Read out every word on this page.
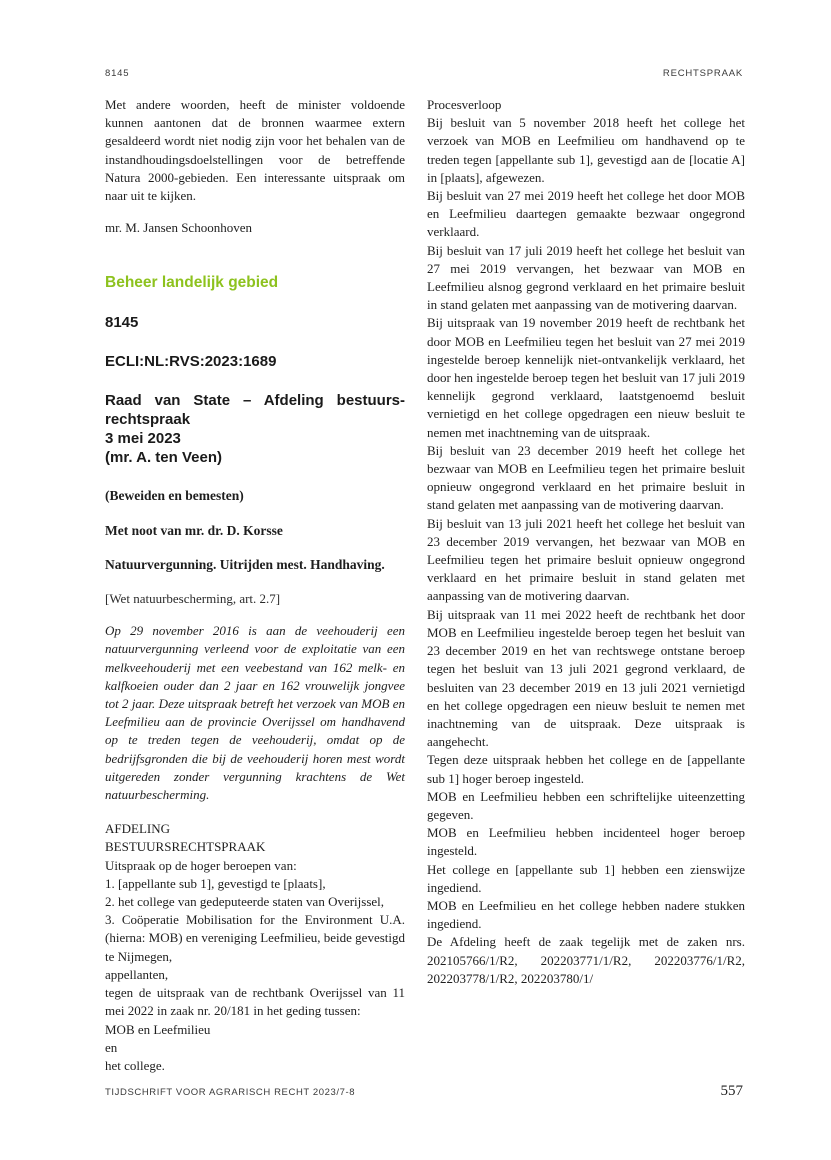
8145	RECHTSPRAAK

Met andere woorden, heeft de minister voldoende kunnen aantonen dat de bronnen waarmee extern gesaldeerd wordt niet nodig zijn voor het behalen van de instandhoudingsdoelstellingen voor de betreffende Natura 2000-gebieden. Een interessante uitspraak om naar uit te kijken.

mr. M. Jansen Schoonhoven

Beheer landelijk gebied
8145
ECLI:NL:RVS:2023:1689

Raad van State – Afdeling bestuursrechtspraak

3 mei 2023

(mr. A. ten Veen)

(Beweiden en bemesten)

Met noot van mr. dr. D. Korsse

Natuurvergunning. Uitrijden mest. Handhaving.

[Wet natuurbescherming, art. 2.7]

Op 29 november 2016 is aan de veehouderij een natuurvergunning verleend voor de exploitatie van een melkveehouderij met een veebestand van 162 melk- en kalfkoeien ouder dan 2 jaar en 162 vrouwelijk jongvee tot 2 jaar. Deze uitspraak betreft het verzoek van MOB en Leefmilieu aan de provincie Overijssel om handhavend op te treden tegen de veehouderij, omdat op de bedrijfsgronden die bij de veehouderij horen mest wordt uitgereden zonder vergunning krachtens de Wet natuurbescherming.

AFDELING

BESTUURSRECHTSPRAAK

Uitspraak op de hoger beroepen van:

1. [appellante sub 1], gevestigd te [plaats],

2. het college van gedeputeerde staten van Overijssel,

3. Coöperatie Mobilisation for the Environment U.A. (hierna: MOB) en vereniging Leefmilieu, beide gevestigd te Nijmegen,

appellanten,

tegen de uitspraak van de rechtbank Overijssel van 11 mei 2022 in zaak nr. 20/181 in het geding tussen:

MOB en Leefmilieu

en

het college.

Procesverloop

Bij besluit van 5 november 2018 heeft het college het verzoek van MOB en Leefmilieu om handhavend op te treden tegen [appellante sub 1], gevestigd aan de [locatie A] in [plaats], afgewezen.

Bij besluit van 27 mei 2019 heeft het college het door MOB en Leefmilieu daartegen gemaakte bezwaar ongegrond verklaard.

Bij besluit van 17 juli 2019 heeft het college het besluit van 27 mei 2019 vervangen, het bezwaar van MOB en Leefmilieu alsnog gegrond verklaard en het primaire besluit in stand gelaten met aanpassing van de motivering daarvan.

Bij uitspraak van 19 november 2019 heeft de rechtbank het door MOB en Leefmilieu tegen het besluit van 27 mei 2019 ingestelde beroep kennelijk niet-ontvankelijk verklaard, het door hen ingestelde beroep tegen het besluit van 17 juli 2019 kennelijk gegrond verklaard, laatstgenoemd besluit vernietigd en het college opgedragen een nieuw besluit te nemen met inachtneming van de uitspraak.

Bij besluit van 23 december 2019 heeft het college het bezwaar van MOB en Leefmilieu tegen het primaire besluit opnieuw ongegrond verklaard en het primaire besluit in stand gelaten met aanpassing van de motivering daarvan.

Bij besluit van 13 juli 2021 heeft het college het besluit van 23 december 2019 vervangen, het bezwaar van MOB en Leefmilieu tegen het primaire besluit opnieuw ongegrond verklaard en het primaire besluit in stand gelaten met aanpassing van de motivering daarvan.

Bij uitspraak van 11 mei 2022 heeft de rechtbank het door MOB en Leefmilieu ingestelde beroep tegen het besluit van 23 december 2019 en het van rechtswege ontstane beroep tegen het besluit van 13 juli 2021 gegrond verklaard, de besluiten van 23 december 2019 en 13 juli 2021 vernietigd en het college opgedragen een nieuw besluit te nemen met inachtneming van de uitspraak. Deze uitspraak is aangehecht.

Tegen deze uitspraak hebben het college en de [appellante sub 1] hoger beroep ingesteld.

MOB en Leefmilieu hebben een schriftelijke uiteenzetting gegeven.

MOB en Leefmilieu hebben incidenteel hoger beroep ingesteld.

Het college en [appellante sub 1] hebben een zienswijze ingediend.

MOB en Leefmilieu en het college hebben nadere stukken ingediend.

De Afdeling heeft de zaak tegelijk met de zaken nrs. 202105766/1/R2, 202203771/1/R2, 202203776/1/R2, 202203778/1/R2, 202203780/1/

TIJDSCHRIFT VOOR AGRARISCH RECHT 2023/7-8	557
